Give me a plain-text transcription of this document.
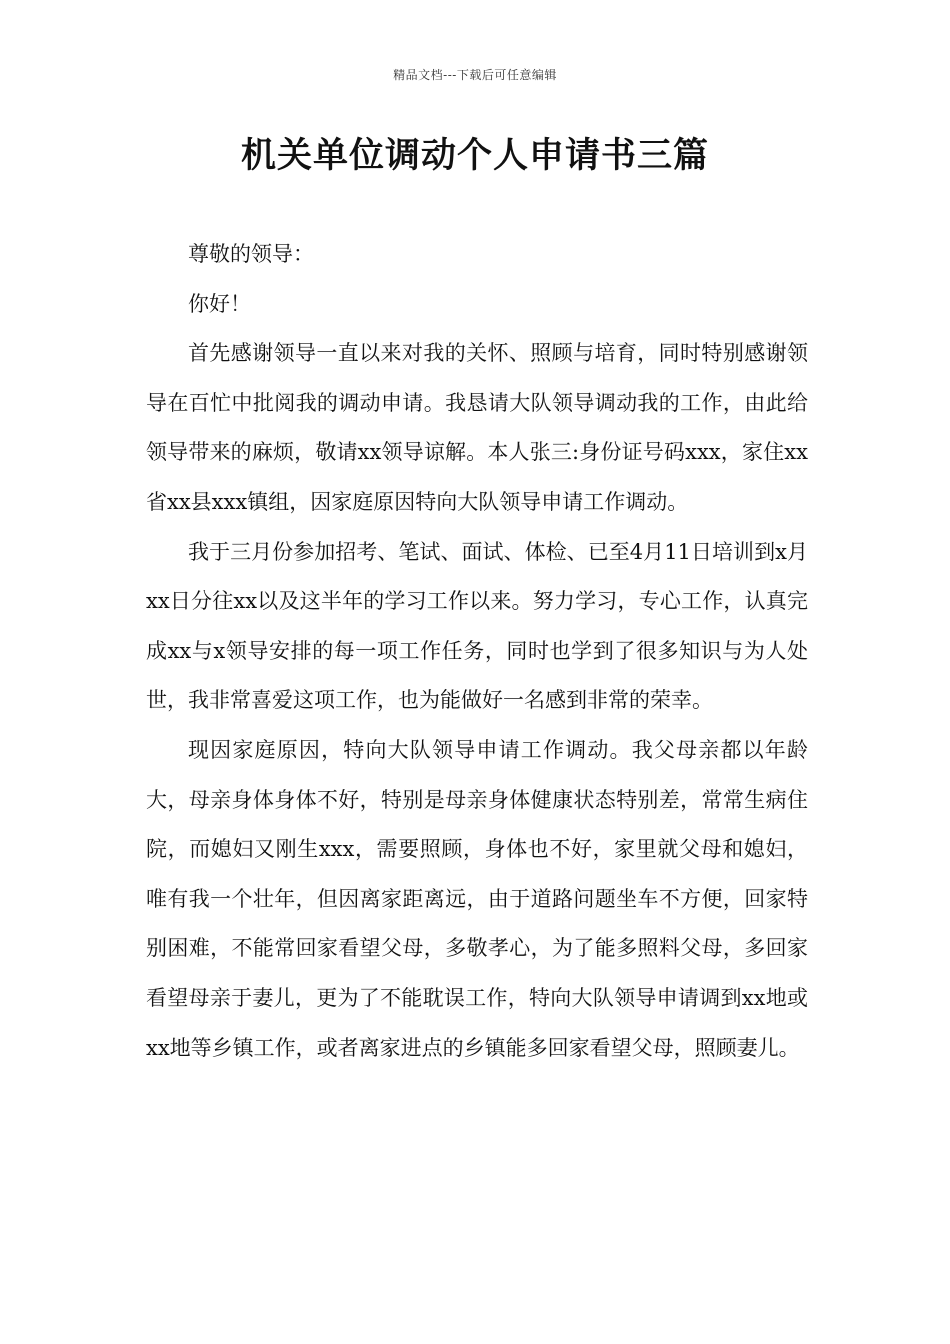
精品文档---下载后可任意编辑
机关单位调动个人申请书三篇

尊敬的领导：

你好！

首先感谢领导一直以来对我的关怀、照顾与培育，同时特别感谢领导在百忙中批阅我的调动申请。我恳请大队领导调动我的工作，由此给领导带来的麻烦，敬请xx领导谅解。本人张三:身份证号码xxx，家住xx省xx县xxx镇组，因家庭原因特向大队领导申请工作调动。

我于三月份参加招考、笔试、面试、体检、已至4月11日培训到x月xx日分往xx以及这半年的学习工作以来。努力学习，专心工作，认真完成xx与x领导安排的每一项工作任务，同时也学到了很多知识与为人处世，我非常喜爱这项工作，也为能做好一名感到非常的荣幸。

现因家庭原因，特向大队领导申请工作调动。我父母亲都以年龄大，母亲身体身体不好，特别是母亲身体健康状态特别差，常常生病住院，而媳妇又刚生xxx，需要照顾，身体也不好，家里就父母和媳妇，唯有我一个壮年，但因离家距离远，由于道路问题坐车不方便，回家特别困难，不能常回家看望父母，多敬孝心，为了能多照料父母，多回家看望母亲于妻儿，更为了不能耽误工作，特向大队领导申请调到xx地或xx地等乡镇工作，或者离家进点的乡镇能多回家看望父母，照顾妻儿。
